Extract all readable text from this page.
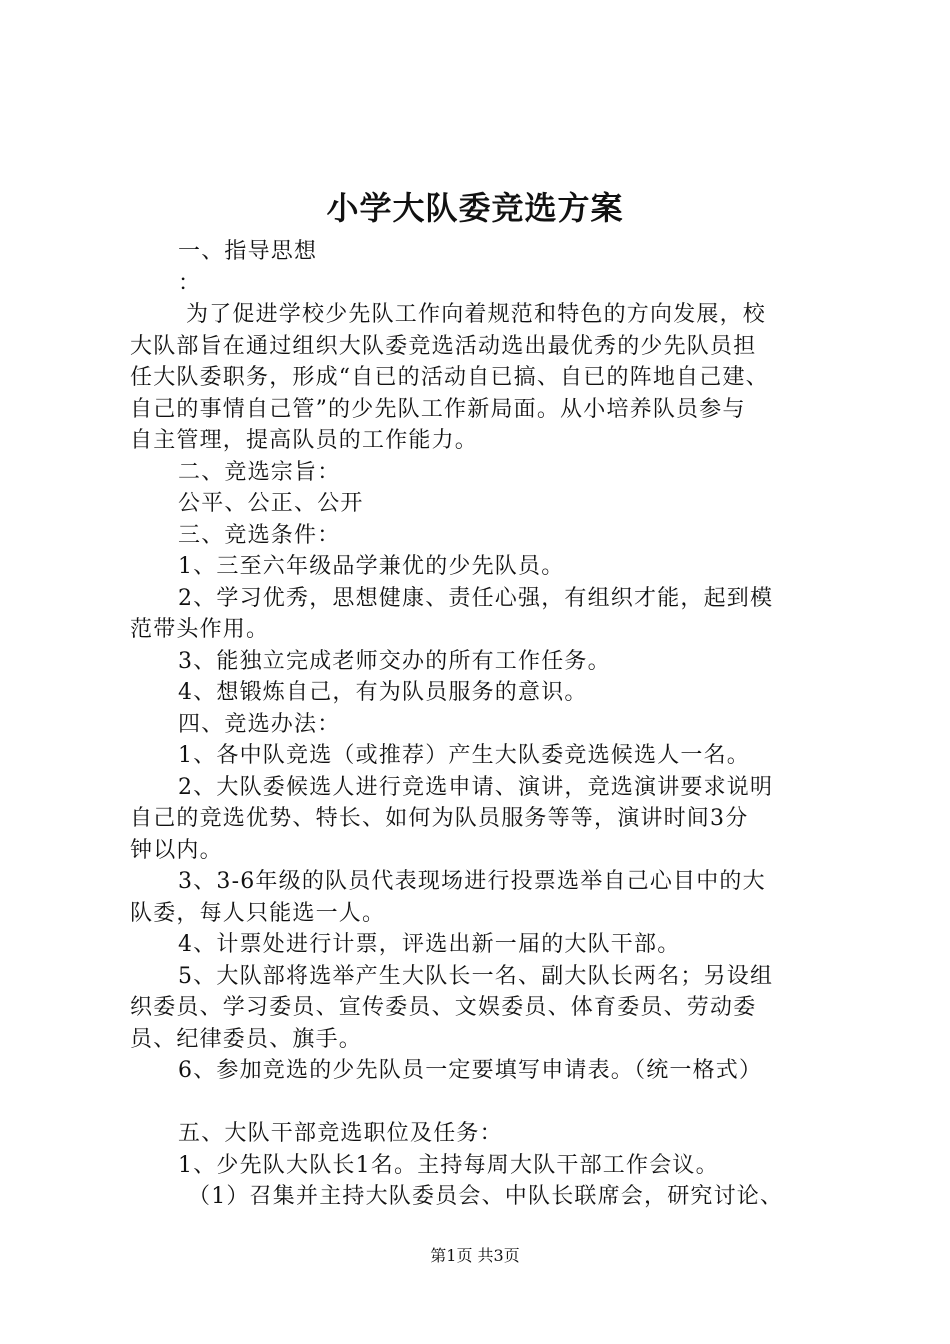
小学大队委竞选方案
一、指导思想
：
为了促进学校少先队工作向着规范和特色的方向发展，校
大队部旨在通过组织大队委竞选活动选出最优秀的少先队员担
任大队委职务，形成“自已的活动自已搞、自已的阵地自己建、
自己的事情自己管”的少先队工作新局面。从小培养队员参与
自主管理，提高队员的工作能力。
二、竞选宗旨：
公平、公正、公开
三、竞选条件：
1、三至六年级品学兼优的少先队员。
2、学习优秀，思想健康、责任心强，有组织才能，起到模
范带头作用。
3、能独立完成老师交办的所有工作任务。
4、想锻炼自己，有为队员服务的意识。
四、竞选办法：
1、各中队竞选（或推荐）产生大队委竞选候选人一名。
2、大队委候选人进行竞选申请、演讲，竞选演讲要求说明
自己的竞选优势、特长、如何为队员服务等等，演讲时间3分
钟以内。
3、3-6年级的队员代表现场进行投票选举自己心目中的大
队委，每人只能选一人。
4、计票处进行计票，评选出新一届的大队干部。
5、大队部将选举产生大队长一名、副大队长两名；另设组
织委员、学习委员、宣传委员、文娱委员、体育委员、劳动委
员、纪律委员、旗手。
6、参加竞选的少先队员一定要填写申请表。（统一格式）
五、大队干部竞选职位及任务：
1、少先队大队长1名。主持每周大队干部工作会议。
（1）召集并主持大队委员会、中队长联席会，研究讨论、
第1页 共3页
